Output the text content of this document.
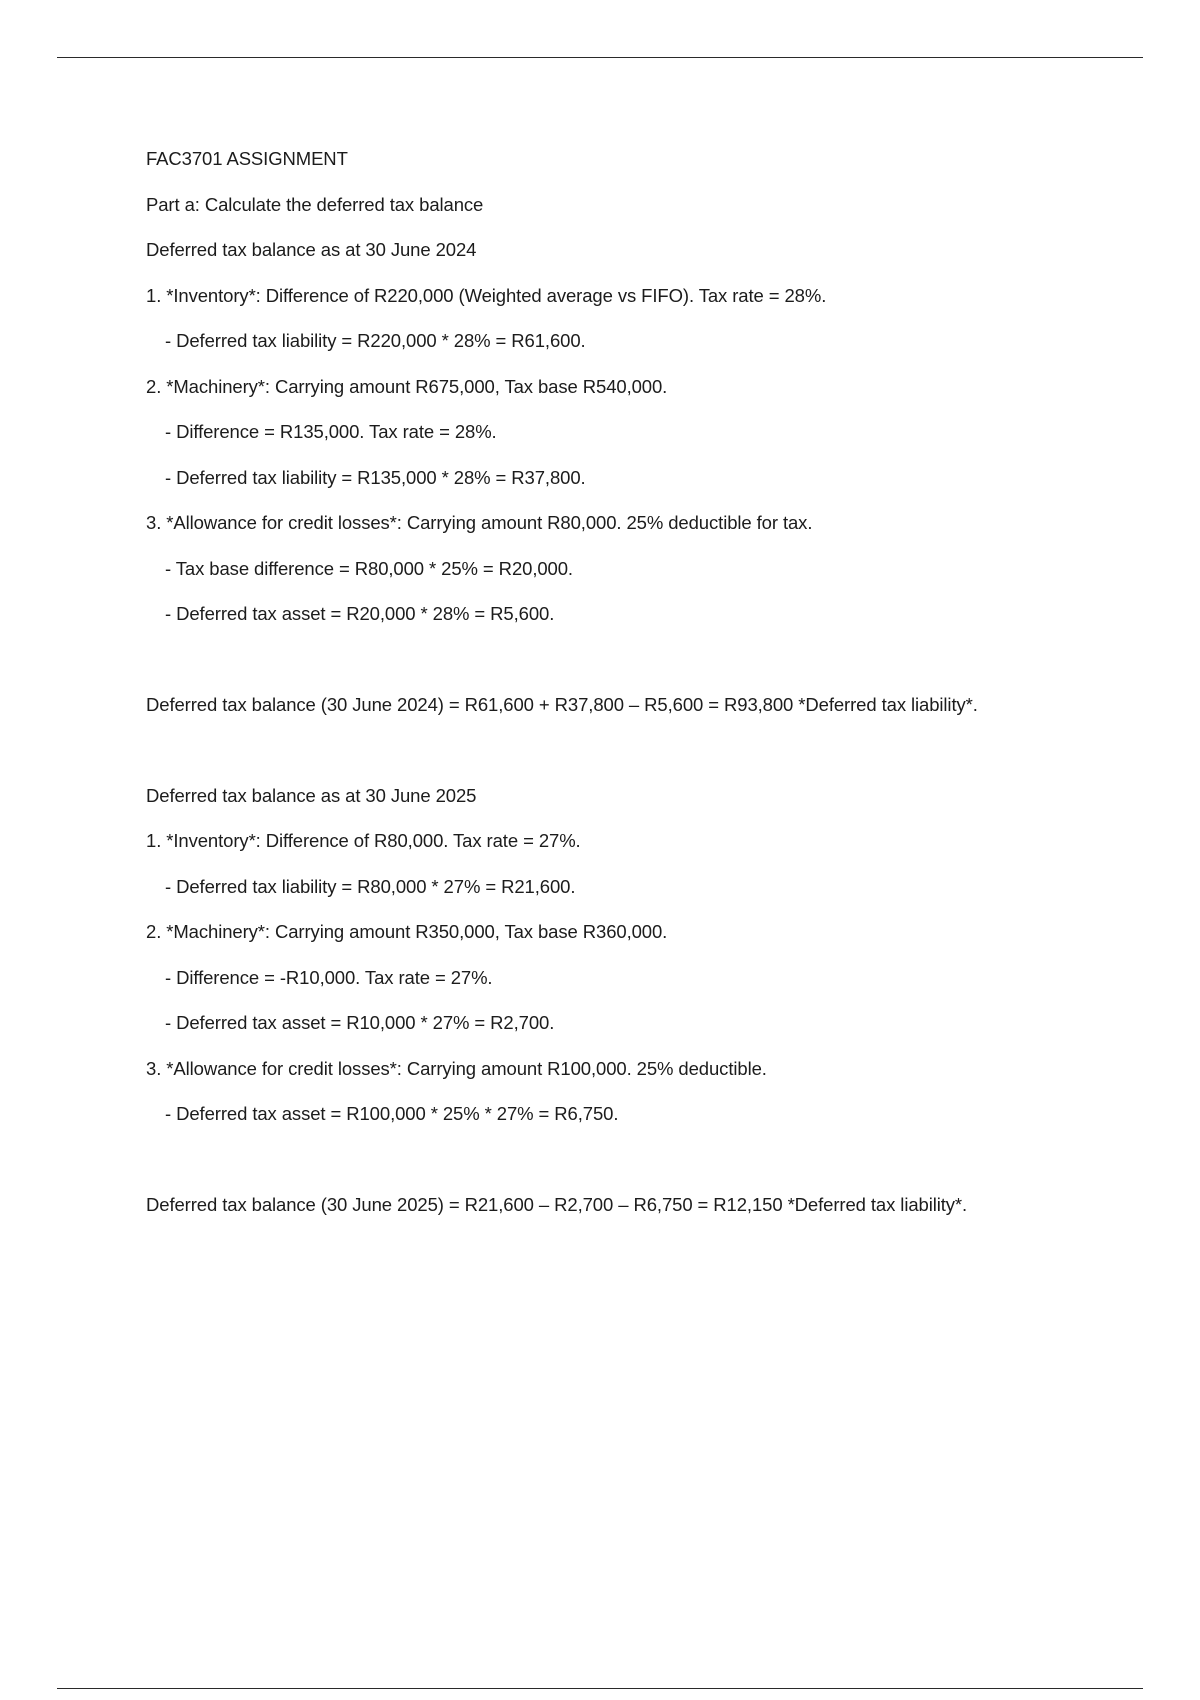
FAC3701 ASSIGNMENT
Part a: Calculate the deferred tax balance
Deferred tax balance as at 30 June 2024
1. *Inventory*: Difference of R220,000 (Weighted average vs FIFO). Tax rate = 28%.
- Deferred tax liability = R220,000 * 28% = R61,600.
2. *Machinery*: Carrying amount R675,000, Tax base R540,000.
- Difference = R135,000. Tax rate = 28%.
- Deferred tax liability = R135,000 * 28% = R37,800.
3. *Allowance for credit losses*: Carrying amount R80,000. 25% deductible for tax.
- Tax base difference = R80,000 * 25% = R20,000.
- Deferred tax asset = R20,000 * 28% = R5,600.
Deferred tax balance (30 June 2024) = R61,600 + R37,800 – R5,600 = R93,800 *Deferred tax liability*.
Deferred tax balance as at 30 June 2025
1. *Inventory*: Difference of R80,000. Tax rate = 27%.
- Deferred tax liability = R80,000 * 27% = R21,600.
2. *Machinery*: Carrying amount R350,000, Tax base R360,000.
- Difference = -R10,000. Tax rate = 27%.
- Deferred tax asset = R10,000 * 27% = R2,700.
3. *Allowance for credit losses*: Carrying amount R100,000. 25% deductible.
- Deferred tax asset = R100,000 * 25% * 27% = R6,750.
Deferred tax balance (30 June 2025) = R21,600 – R2,700 – R6,750 = R12,150 *Deferred tax liability*.
